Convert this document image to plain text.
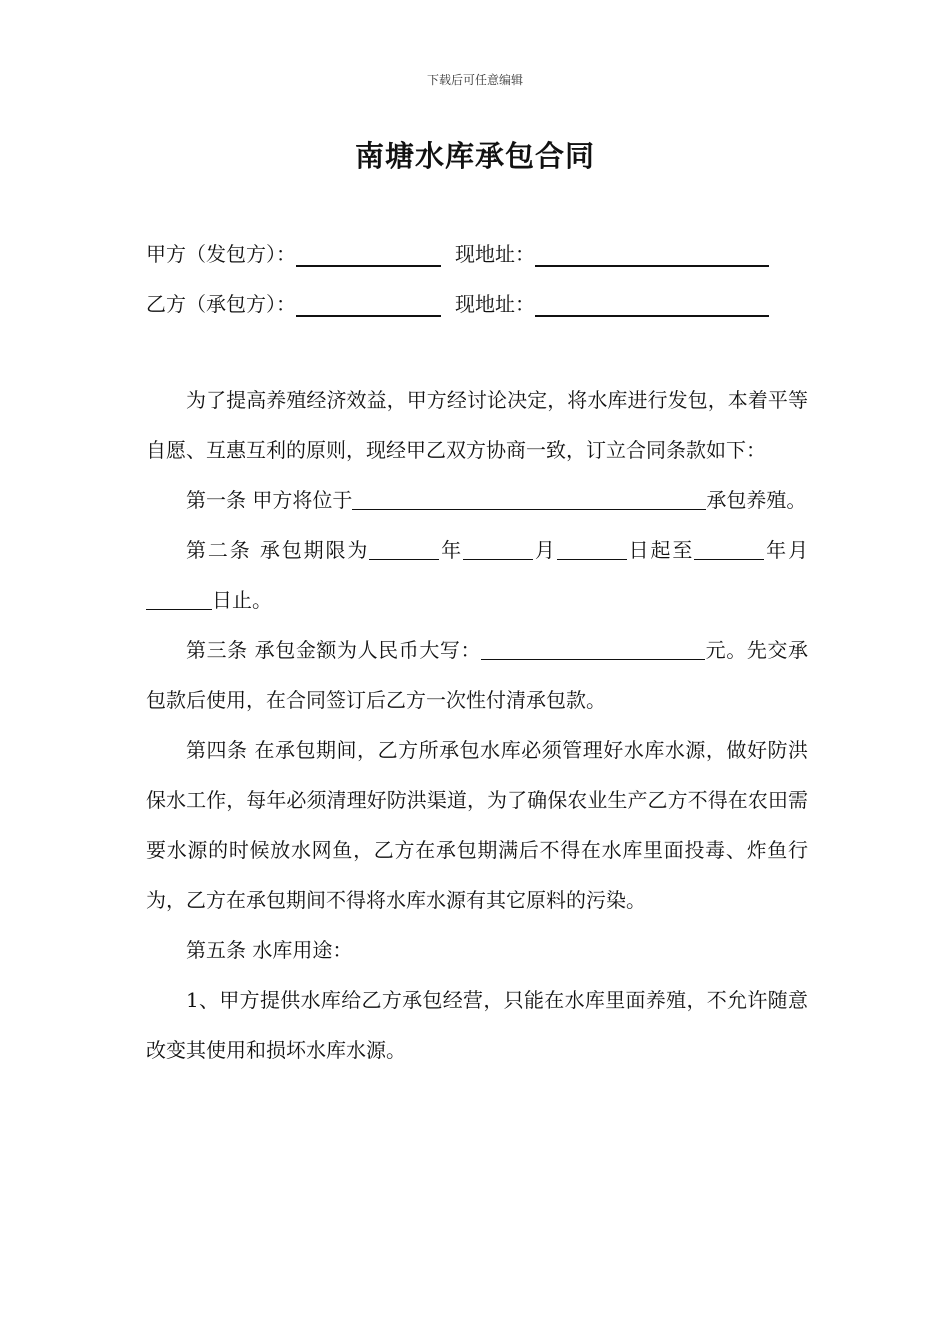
下载后可任意编辑
南塘水库承包合同
甲方（发包方）：	现地址：
乙方（承包方）：	现地址：

为了提高养殖经济效益，甲方经讨论决定，将水库进行发包，本着平等自愿、互惠互利的原则，现经甲乙双方协商一致，订立合同条款如下：

第一条 甲方将位于	承包养殖。

第二条 承包期限为	年	月	日起至	年月日止。

第三条 承包金额为人民币大写：	元。先交承包款后使用，在合同签订后乙方一次性付清承包款。

第四条 在承包期间，乙方所承包水库必须管理好水库水源，做好防洪保水工作，每年必须清理好防洪渠道，为了确保农业生产乙方不得在农田需要水源的时候放水网鱼，乙方在承包期满后不得在水库里面投毒、炸鱼行为，乙方在承包期间不得将水库水源有其它原料的污染。

第五条 水库用途：

1、甲方提供水库给乙方承包经营，只能在水库里面养殖，不允许随意改变其使用和损坏水库水源。
